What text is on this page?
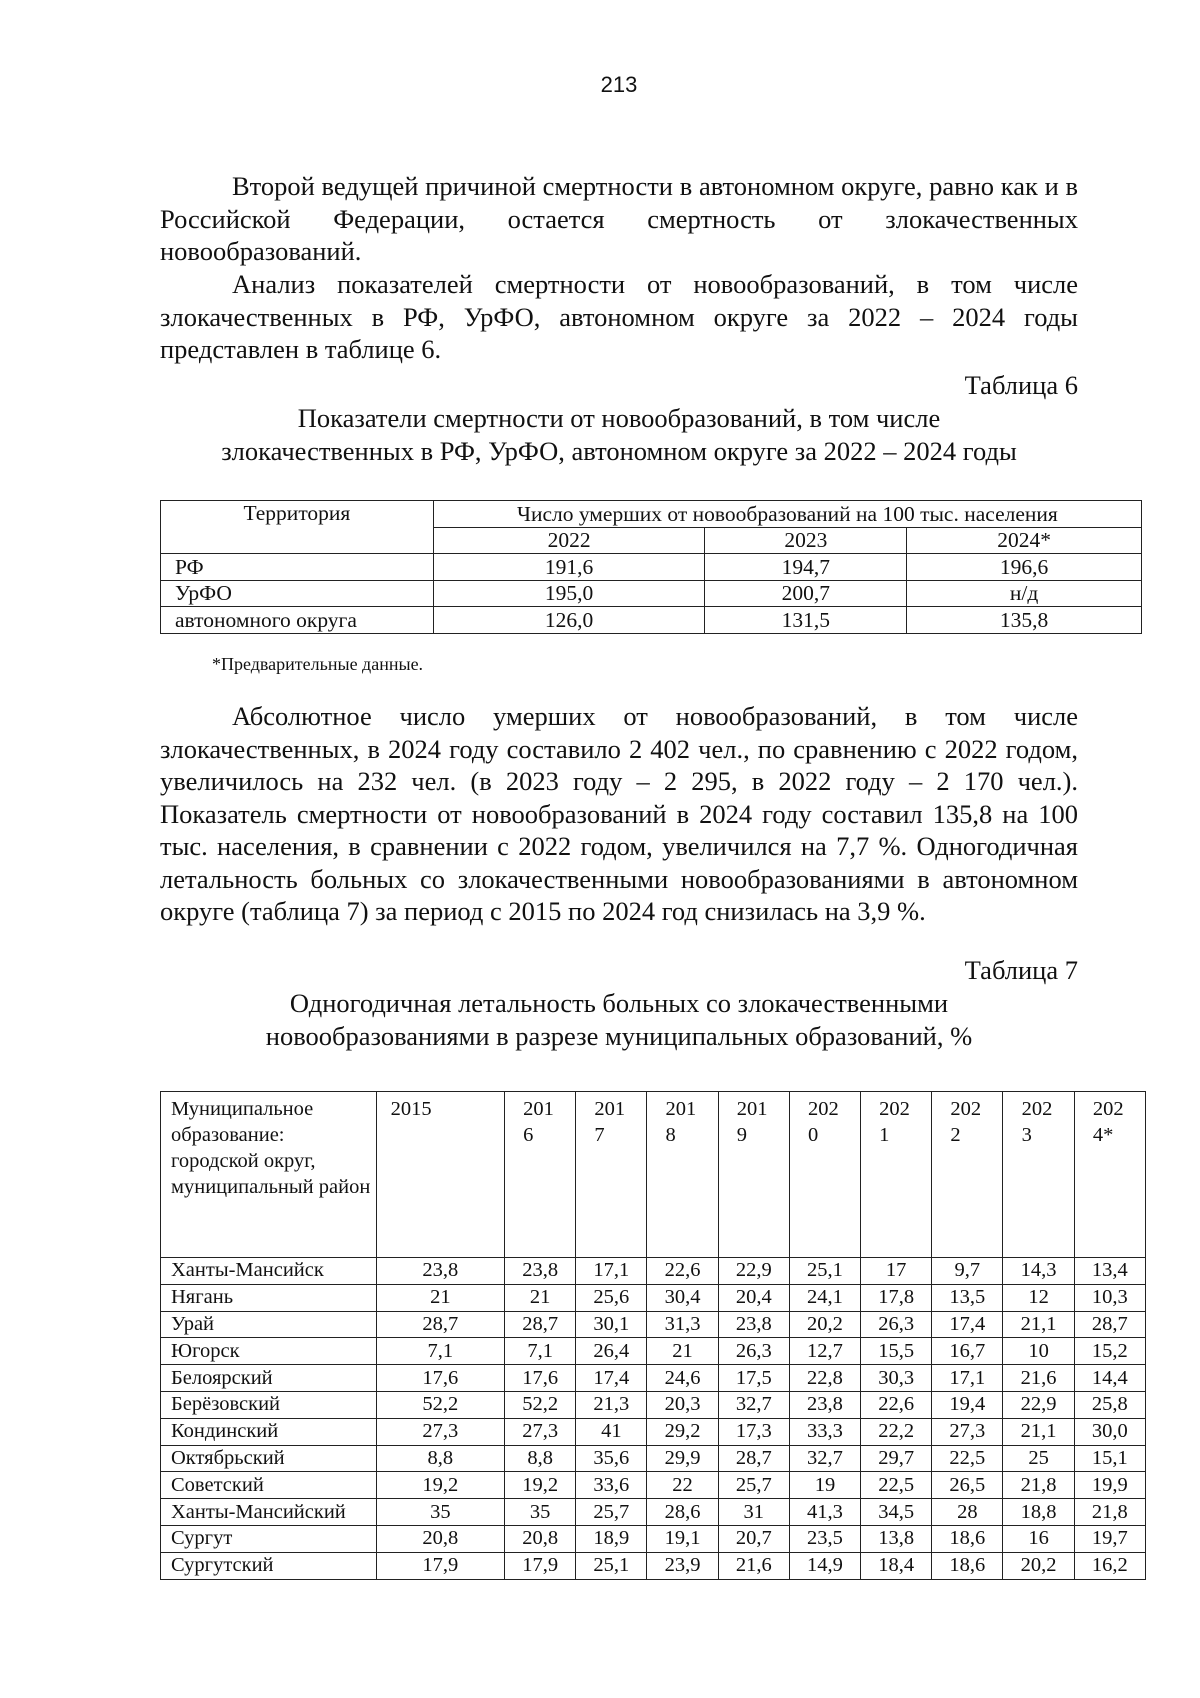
213

Второй ведущей причиной смертности в автономном округе, равно как и в Российской Федерации, остается смертность от злокачественных новообразований.

Анализ показателей смертности от новообразований, в том числе злокачественных в РФ, УрФО, автономном округе за 2022 – 2024 годы представлен в таблице 6.

Таблица 6

Показатели смертности от новообразований, в том числе
злокачественных в РФ, УрФО, автономном округе за 2022 – 2024 годы

Территория	Число умерших от новообразований на 100 тыс. населения		
	2022	2023	2024*
РФ	191,6	194,7	196,6
УрФО	195,0	200,7	н/д
автономного округа	126,0	131,5	135,8
*Предварительные данные.

Абсолютное число умерших от новообразований, в том числе злокачественных, в 2024 году составило 2 402 чел., по сравнению с 2022 годом, увеличилось на 232 чел. (в 2023 году – 2 295, в 2022 году – 2 170 чел.). Показатель смертности от новообразований в 2024 году составил 135,8 на 100 тыс. населения, в сравнении с 2022 годом, увеличился на 7,7 %. Одногодичная летальность больных со злокачественными новообразованиями в автономном округе (таблица 7) за период с 2015 по 2024 год снизилась на 3,9 %.

Таблица 7

Одногодичная летальность больных со злокачественными
новообразованиями в разрезе муниципальных образований, %

Муниципальное образование: городской округ, муниципальный район	2015	2016	2017	2018	2019	2020	2021	2022	2023	2024*
Ханты-Мансийск	23,8	23,8	17,1	22,6	22,9	25,1	17	9,7	14,3	13,4
Нягань	21	21	25,6	30,4	20,4	24,1	17,8	13,5	12	10,3
Урай	28,7	28,7	30,1	31,3	23,8	20,2	26,3	17,4	21,1	28,7
Югорск	7,1	7,1	26,4	21	26,3	12,7	15,5	16,7	10	15,2
Белоярский	17,6	17,6	17,4	24,6	17,5	22,8	30,3	17,1	21,6	14,4
Берёзовский	52,2	52,2	21,3	20,3	32,7	23,8	22,6	19,4	22,9	25,8
Кондинский	27,3	27,3	41	29,2	17,3	33,3	22,2	27,3	21,1	30,0
Октябрьский	8,8	8,8	35,6	29,9	28,7	32,7	29,7	22,5	25	15,1
Советский	19,2	19,2	33,6	22	25,7	19	22,5	26,5	21,8	19,9
Ханты-Мансийский	35	35	25,7	28,6	31	41,3	34,5	28	18,8	21,8
Сургут	20,8	20,8	18,9	19,1	20,7	23,5	13,8	18,6	16	19,7
Сургутский	17,9	17,9	25,1	23,9	21,6	14,9	18,4	18,6	20,2	16,2
